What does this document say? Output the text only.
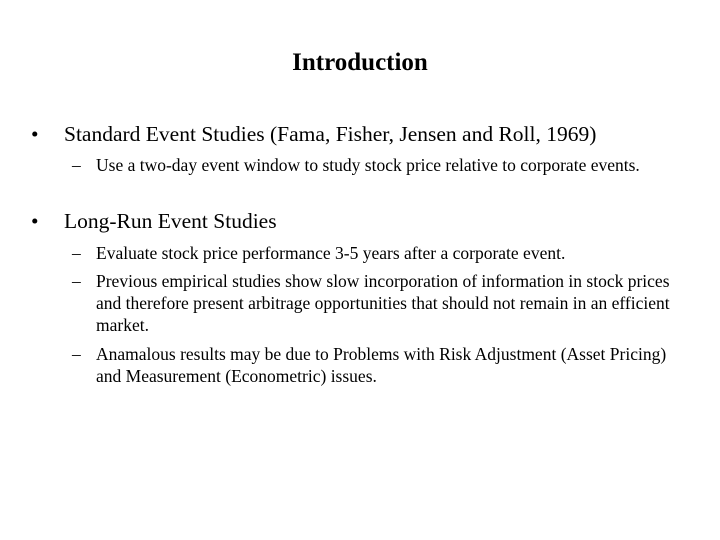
Introduction
• Standard Event Studies (Fama, Fisher, Jensen and Roll, 1969)
– Use a two-day event window to study stock price relative to corporate events.
• Long-Run Event Studies
– Evaluate stock price performance 3-5 years after a corporate event.
– Previous empirical studies show slow incorporation of information in stock prices and therefore present arbitrage opportunities that should not remain in an efficient market.
– Anamalous results may be due to Problems with Risk Adjustment (Asset Pricing) and Measurement (Econometric) issues.
